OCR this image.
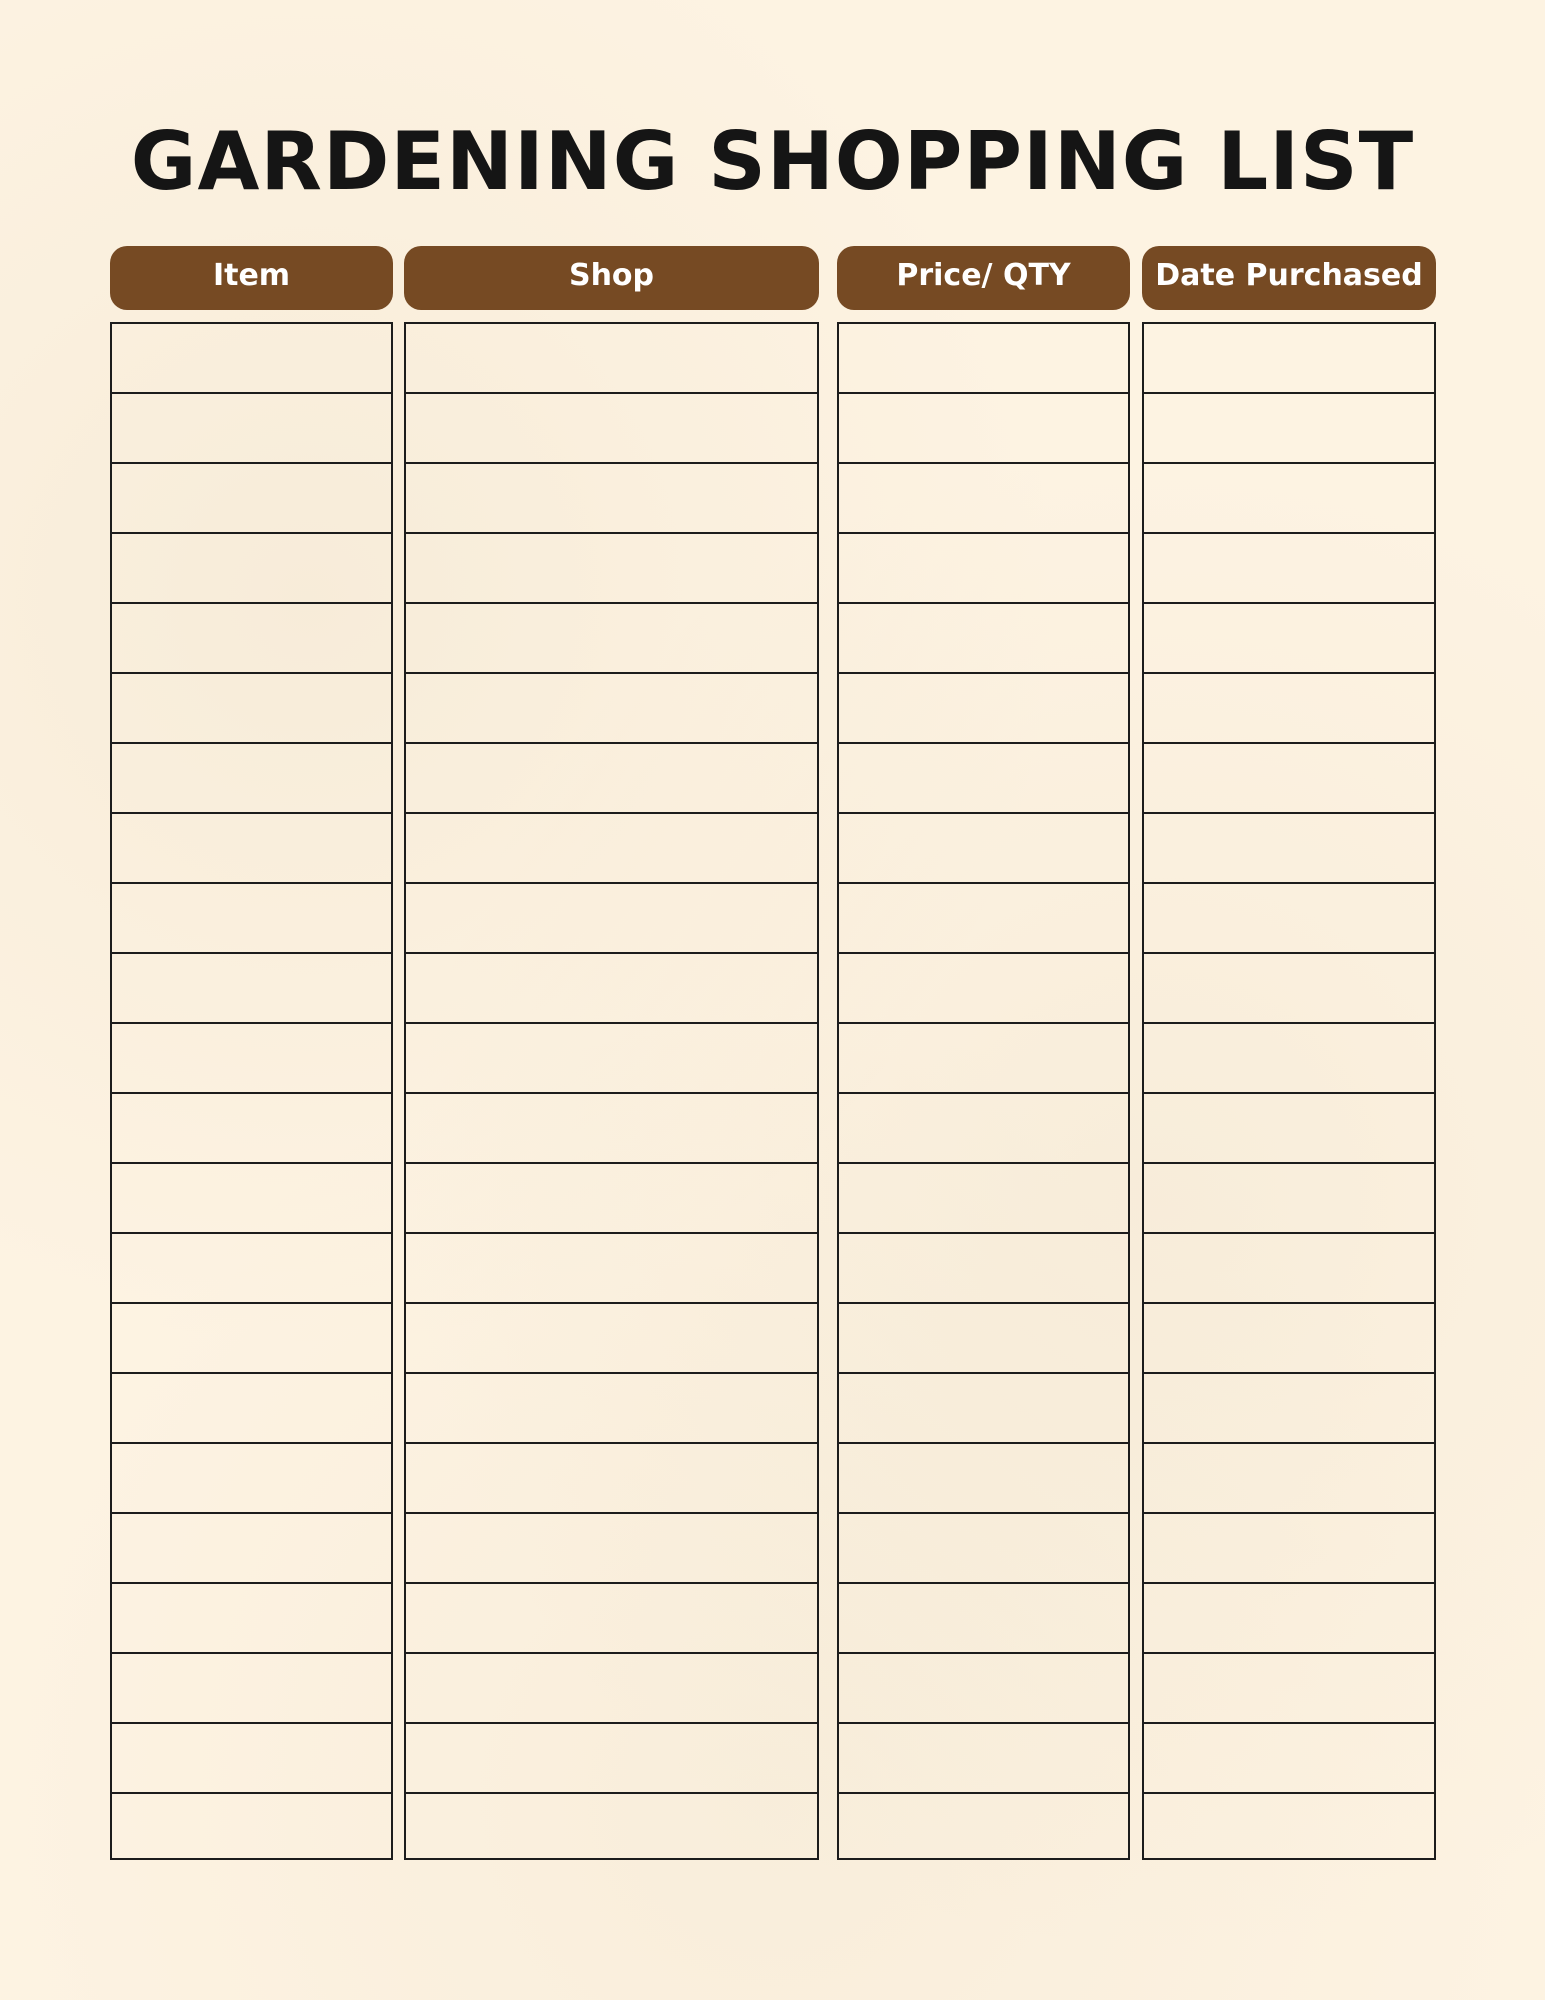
GARDENING SHOPPING LIST
Item	Shop	Price/ QTY	Date Purchased
